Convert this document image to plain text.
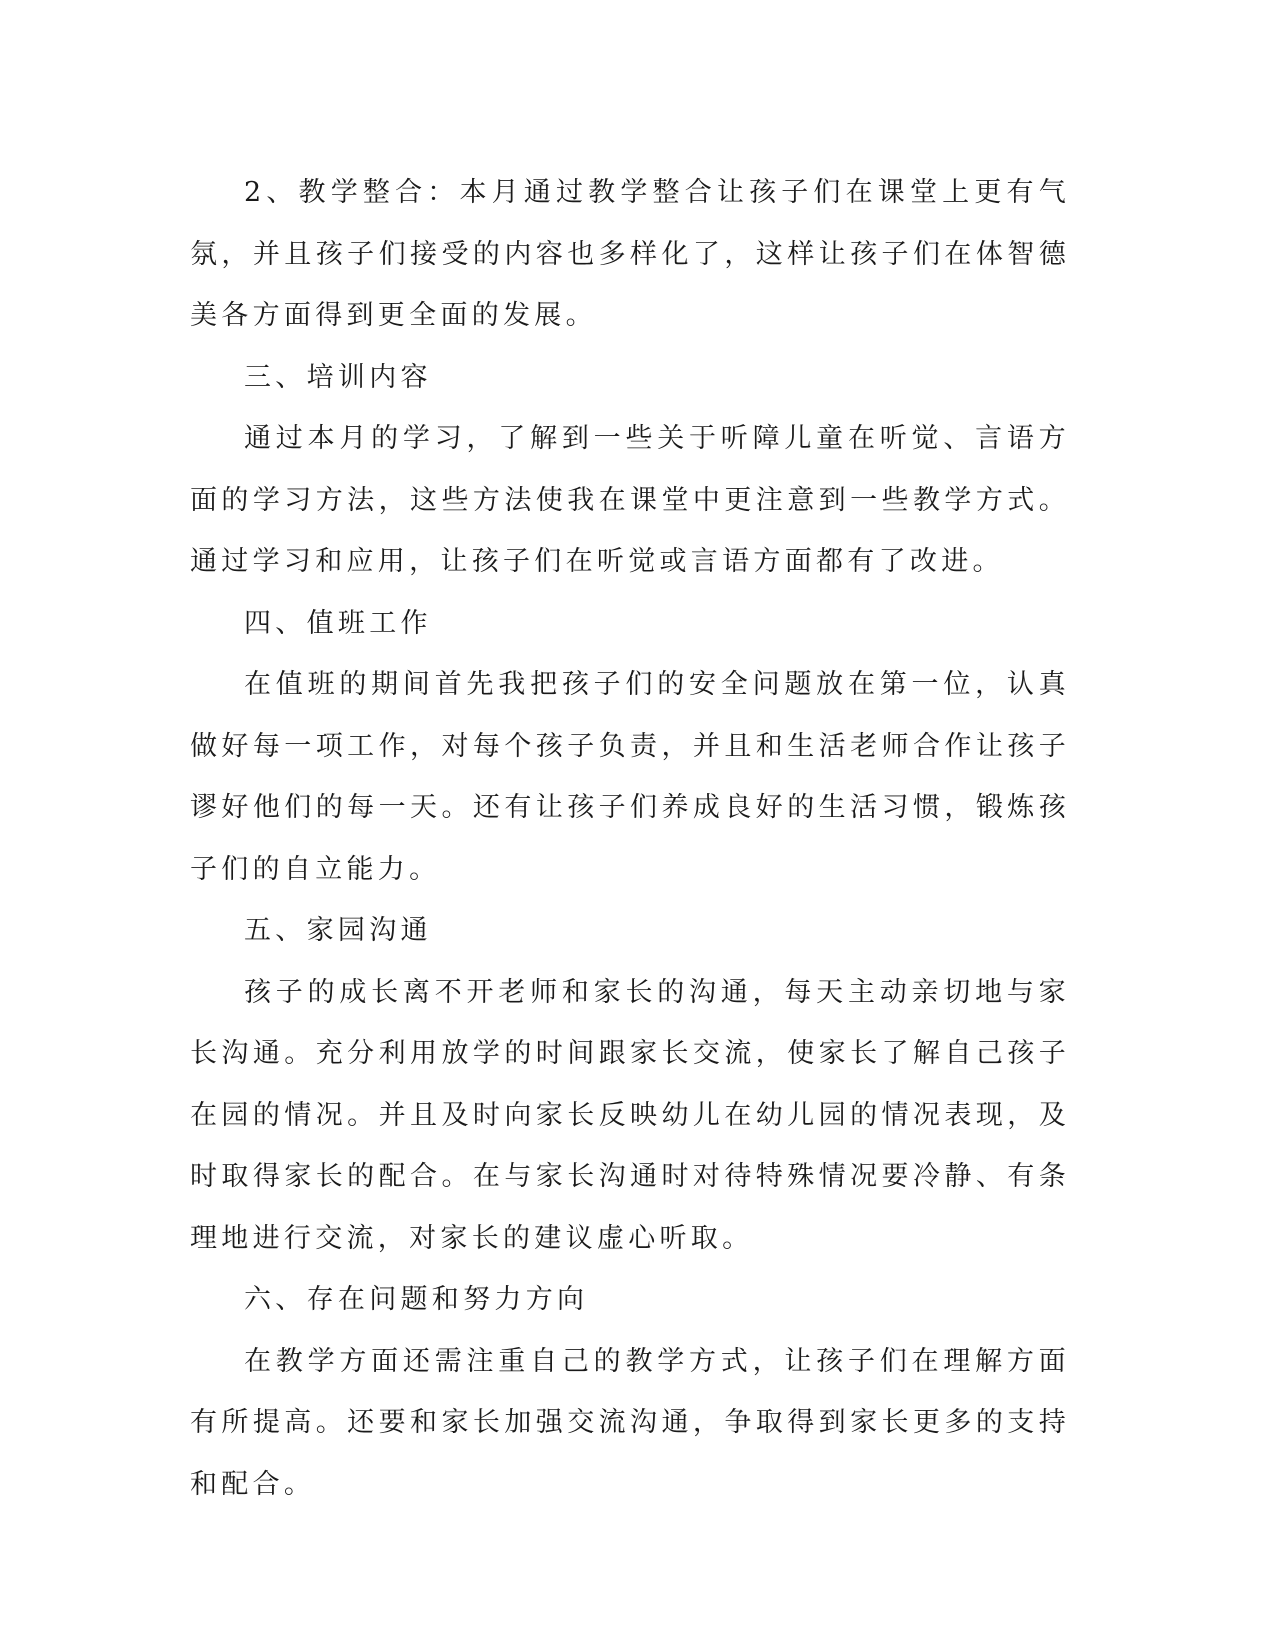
2、教学整合：本月通过教学整合让孩子们在课堂上更有气氛，并且孩子们接受的内容也多样化了，这样让孩子们在体智德美各方面得到更全面的发展。

三、培训内容

通过本月的学习，了解到一些关于听障儿童在听觉、言语方面的学习方法，这些方法使我在课堂中更注意到一些教学方式。通过学习和应用，让孩子们在听觉或言语方面都有了改进。

四、值班工作

在值班的期间首先我把孩子们的安全问题放在第一位，认真做好每一项工作，对每个孩子负责，并且和生活老师合作让孩子谬好他们的每一天。还有让孩子们养成良好的生活习惯，锻炼孩子们的自立能力。

五、家园沟通

孩子的成长离不开老师和家长的沟通，每天主动亲切地与家长沟通。充分利用放学的时间跟家长交流，使家长了解自己孩子在园的情况。并且及时向家长反映幼儿在幼儿园的情况表现，及时取得家长的配合。在与家长沟通时对待特殊情况要冷静、有条理地进行交流，对家长的建议虚心听取。

六、存在问题和努力方向

在教学方面还需注重自己的教学方式，让孩子们在理解方面有所提高。还要和家长加强交流沟通，争取得到家长更多的支持和配合。
